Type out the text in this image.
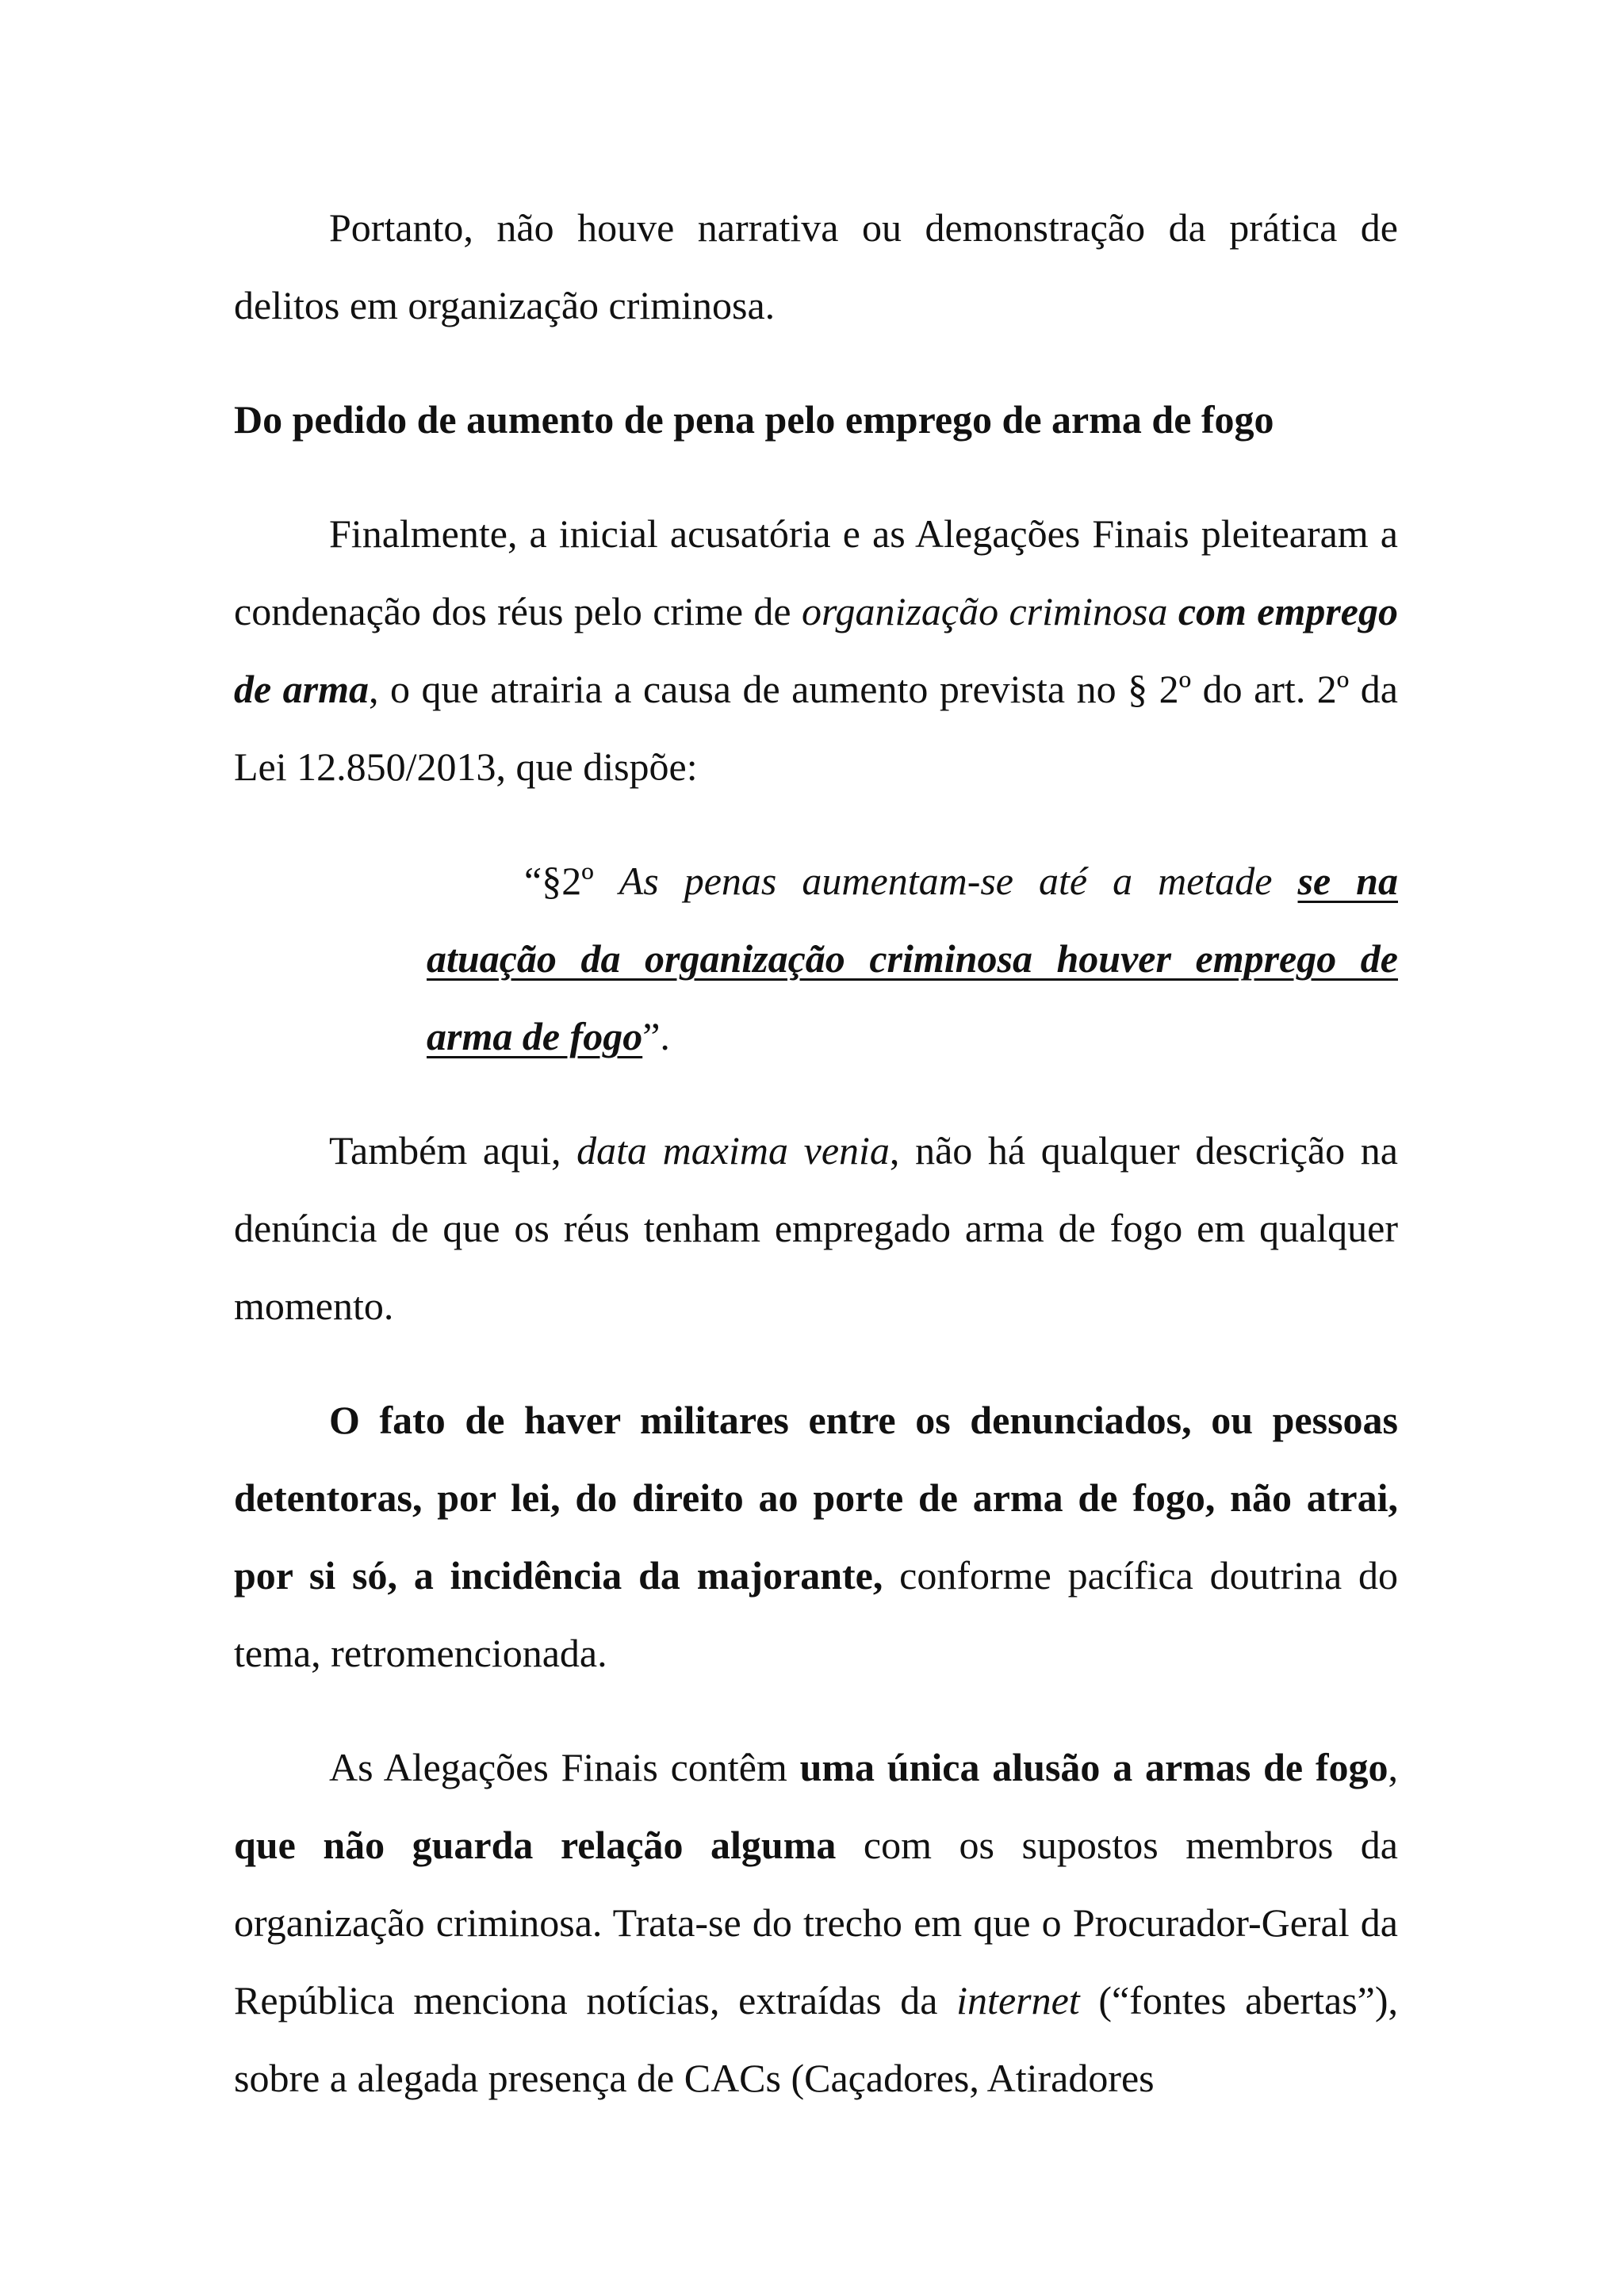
Portanto, não houve narrativa ou demonstração da prática de delitos em organização criminosa.

Do pedido de aumento de pena pelo emprego de arma de fogo

Finalmente, a inicial acusatória e as Alegações Finais pleitearam a condenação dos réus pelo crime de organização criminosa com emprego de arma, o que atrairia a causa de aumento prevista no § 2º do art. 2º da Lei 12.850/2013, que dispõe:

“§2º As penas aumentam-se até a metade se na atuação da organização criminosa houver emprego de arma de fogo”.

Também aqui, data maxima venia, não há qualquer descrição na denúncia de que os réus tenham empregado arma de fogo em qualquer momento.

O fato de haver militares entre os denunciados, ou pessoas detentoras, por lei, do direito ao porte de arma de fogo, não atrai, por si só, a incidência da majorante, conforme pacífica doutrina do tema, retromencionada.

As Alegações Finais contêm uma única alusão a armas de fogo, que não guarda relação alguma com os supostos membros da organização criminosa. Trata-se do trecho em que o Procurador-Geral da República menciona notícias, extraídas da internet (“fontes abertas”), sobre a alegada presença de CACs (Caçadores, Atiradores
